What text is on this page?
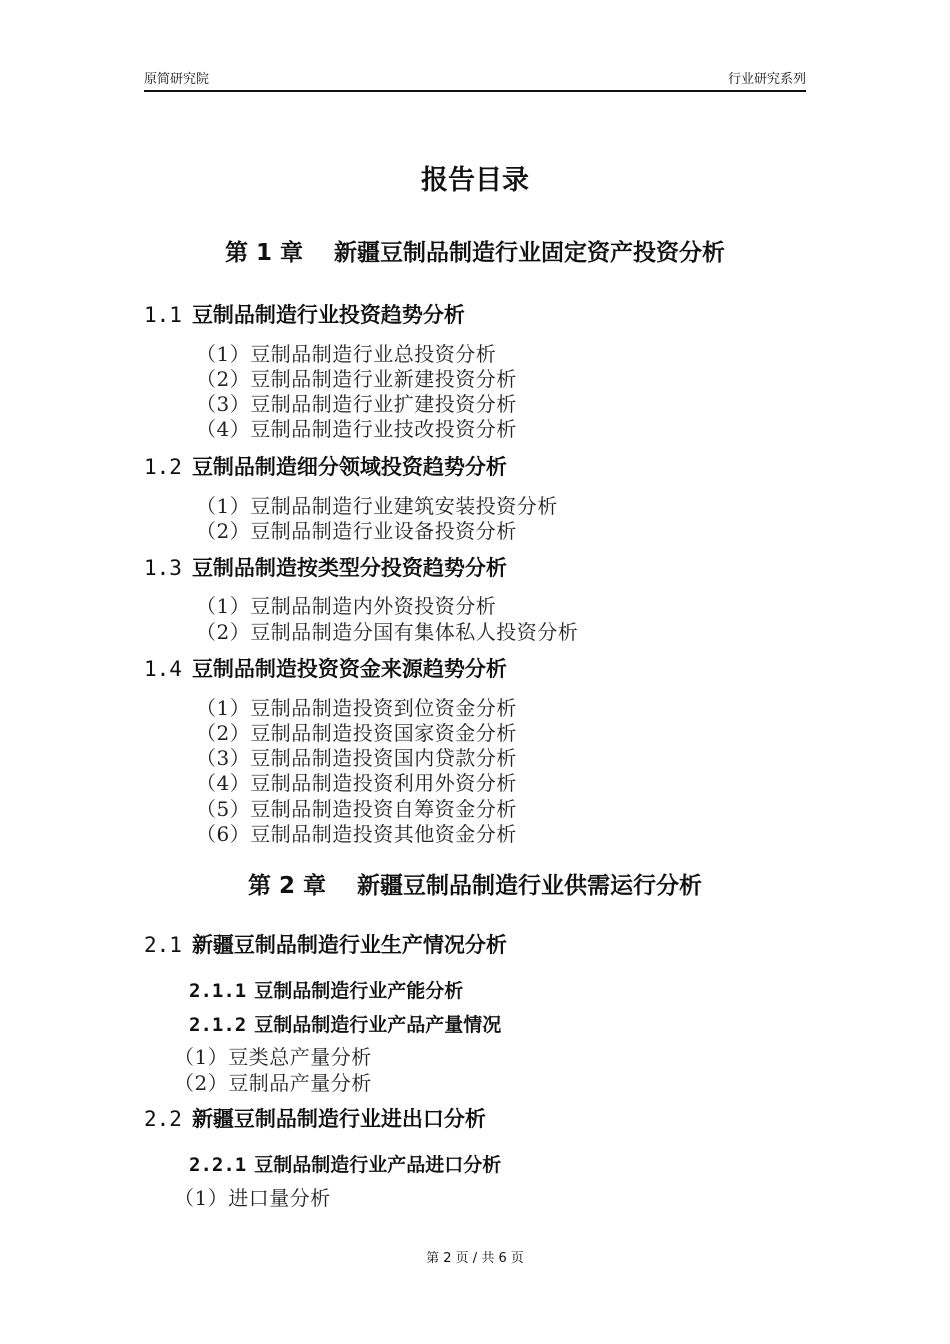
原简研究院	行业研究系列
报告目录
第 1 章　 新疆豆制品制造行业固定资产投资分析
1.1 豆制品制造行业投资趋势分析
（1）豆制品制造行业总投资分析
（2）豆制品制造行业新建投资分析
（3）豆制品制造行业扩建投资分析
（4）豆制品制造行业技改投资分析
1.2 豆制品制造细分领域投资趋势分析
（1）豆制品制造行业建筑安装投资分析
（2）豆制品制造行业设备投资分析
1.3 豆制品制造按类型分投资趋势分析
（1）豆制品制造内外资投资分析
（2）豆制品制造分国有集体私人投资分析
1.4 豆制品制造投资资金来源趋势分析
（1）豆制品制造投资到位资金分析
（2）豆制品制造投资国家资金分析
（3）豆制品制造投资国内贷款分析
（4）豆制品制造投资利用外资分析
（5）豆制品制造投资自筹资金分析
（6）豆制品制造投资其他资金分析
第 2 章　 新疆豆制品制造行业供需运行分析
2.1 新疆豆制品制造行业生产情况分析
2.1.1 豆制品制造行业产能分析
2.1.2 豆制品制造行业产品产量情况
（1）豆类总产量分析
（2）豆制品产量分析
2.2 新疆豆制品制造行业进出口分析
2.2.1 豆制品制造行业产品进口分析
（1）进口量分析
第 2 页 / 共 6 页
